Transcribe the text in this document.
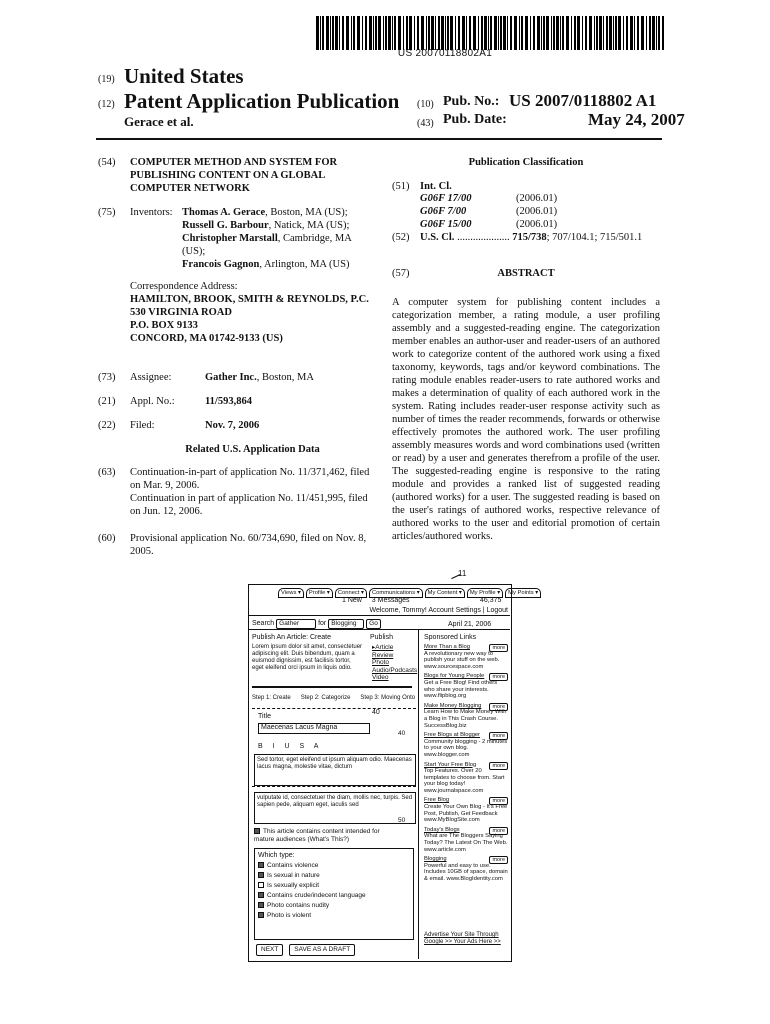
US 20070118802A1
(19) United States
(12) Patent Application Publication
Gerace et al.
(10) Pub. No.: US 2007/0118802 A1
(43) Pub. Date:	May 24, 2007
(54) COMPUTER METHOD AND SYSTEM FOR PUBLISHING CONTENT ON A GLOBAL COMPUTER NETWORK
(75) Inventors: Thomas A. Gerace, Boston, MA (US);
Russell G. Barbour, Natick, MA (US);
Christopher Marstall, Cambridge, MA (US);
Francois Gagnon, Arlington, MA (US)
Correspondence Address:
HAMILTON, BROOK, SMITH & REYNOLDS, P.C.
530 VIRGINIA ROAD
P.O. BOX 9133
CONCORD, MA 01742-9133 (US)
(73) Assignee:	Gather Inc., Boston, MA
(21) Appl. No.:	11/593,864
(22) Filed:	Nov. 7, 2006
Related U.S. Application Data
(63) Continuation-in-part of application No. 11/371,462, filed on Mar. 9, 2006.
Continuation in part of application No. 11/451,995, filed on Jun. 12, 2006.
(60) Provisional application No. 60/734,690, filed on Nov. 8, 2005.
Publication Classification
(51) Int. Cl.
G06F 17/00	(2006.01)
G06F 7/00	(2006.01)
G06F 15/00	(2006.01)
(52) U.S. Cl. .................... 715/738; 707/104.1; 715/501.1
(57)	ABSTRACT
A computer system for publishing content includes a categorization member, a rating module, a user profiling assembly and a suggested-reading engine. The categorization member enables an author-user and reader-users of an authored work to categorize content of the authored work using a fixed taxonomy, keywords, tags and/or keyword combinations. The rating module enables reader-users to rate authored works and makes a determination of quality of each authored work in the system. Rating includes reader-user response activity such as number of times the reader recommends, forwards or otherwise effectively promotes the authored work. The user profiling assembly measures words and word combinations used (written or read) by a user and generates therefrom a profile of the user. The suggested-reading engine is responsive to the rating module and provides a ranked list of suggested reading (authored works) for a user. The suggested reading is based on the user's ratings of authored works, respective relevance of authored works to the user and editorial promotion of certain articles/authored works.
11
Views ▾ Profile ▾ Connect ▾ Communications ▾ My Content ▾ My Profile ▾ My Points ▾
1 New 3 Messages	46,375
Welcome, Tommy! Account Settings | Logout
Search Gather	for Blogging Go	April 21, 2006
Publish An Article: Create
Lorem ipsum dolor sit amet, consectetuer adipiscing elit. Duis bibendum, quam a euismod dignissim, est facilisis tortor, eget eleifend orci ipsum in liquis odio.
Publish
▸Article
Review
Photo
Audio/Podcasts
Video
Step 1: Create Step 2: Categorize Step 3: Moving Onto
Title
40
Maecenas Lacus Magna
40
B I U S A
Sed tortor, eget eleifend ut ipsum aliquam odio. Maecenas lacus magna, molestie vitae, dictum
vulputate id, consectetuer the diam, mollis nec, turpis. Sed sapien pede, aliquam eget, iaculis sed
50
This article contains content intended for mature audiences (What's This?)
Which type:
Contains violence
Is sexual in nature
Is sexually explicit
Contains crude/indecent language
Photo contains nudity
Photo is violent
NEXT SAVE AS A DRAFT
Sponsored Links
More Than a Blog	more
A revolutionary new way to publish your stuff on the web. www.sourcespace.com
Blogs for Young People	more
Get a Free Blog! Find others who share your interests. www.flipblog.org
Make Money Blogging	more
Learn How to Make Money With a Blog in This Crash Course. SuccessBlog.biz
Free Blogs at Blogger	more
Community blogging - 2 minutes to your own blog. www.blogger.com
Start Your Free Blog	more
Top Features. Over 20 templates to choose from. Start your blog today! www.journalspace.com
Free Blog	more
Create Your Own Blog - It's Free Post, Publish, Get Feedback www.MyBlogSite.com
Today's Blogs	more
What are The Bloggers Saying Today? The Latest On The Web. www.article.com
Blogging	more
Powerful and easy to use. Includes 10GB of space, domain & email. www.BlogIdentity.com
Advertise Your Site Through Google >> Your Ads Here >>
